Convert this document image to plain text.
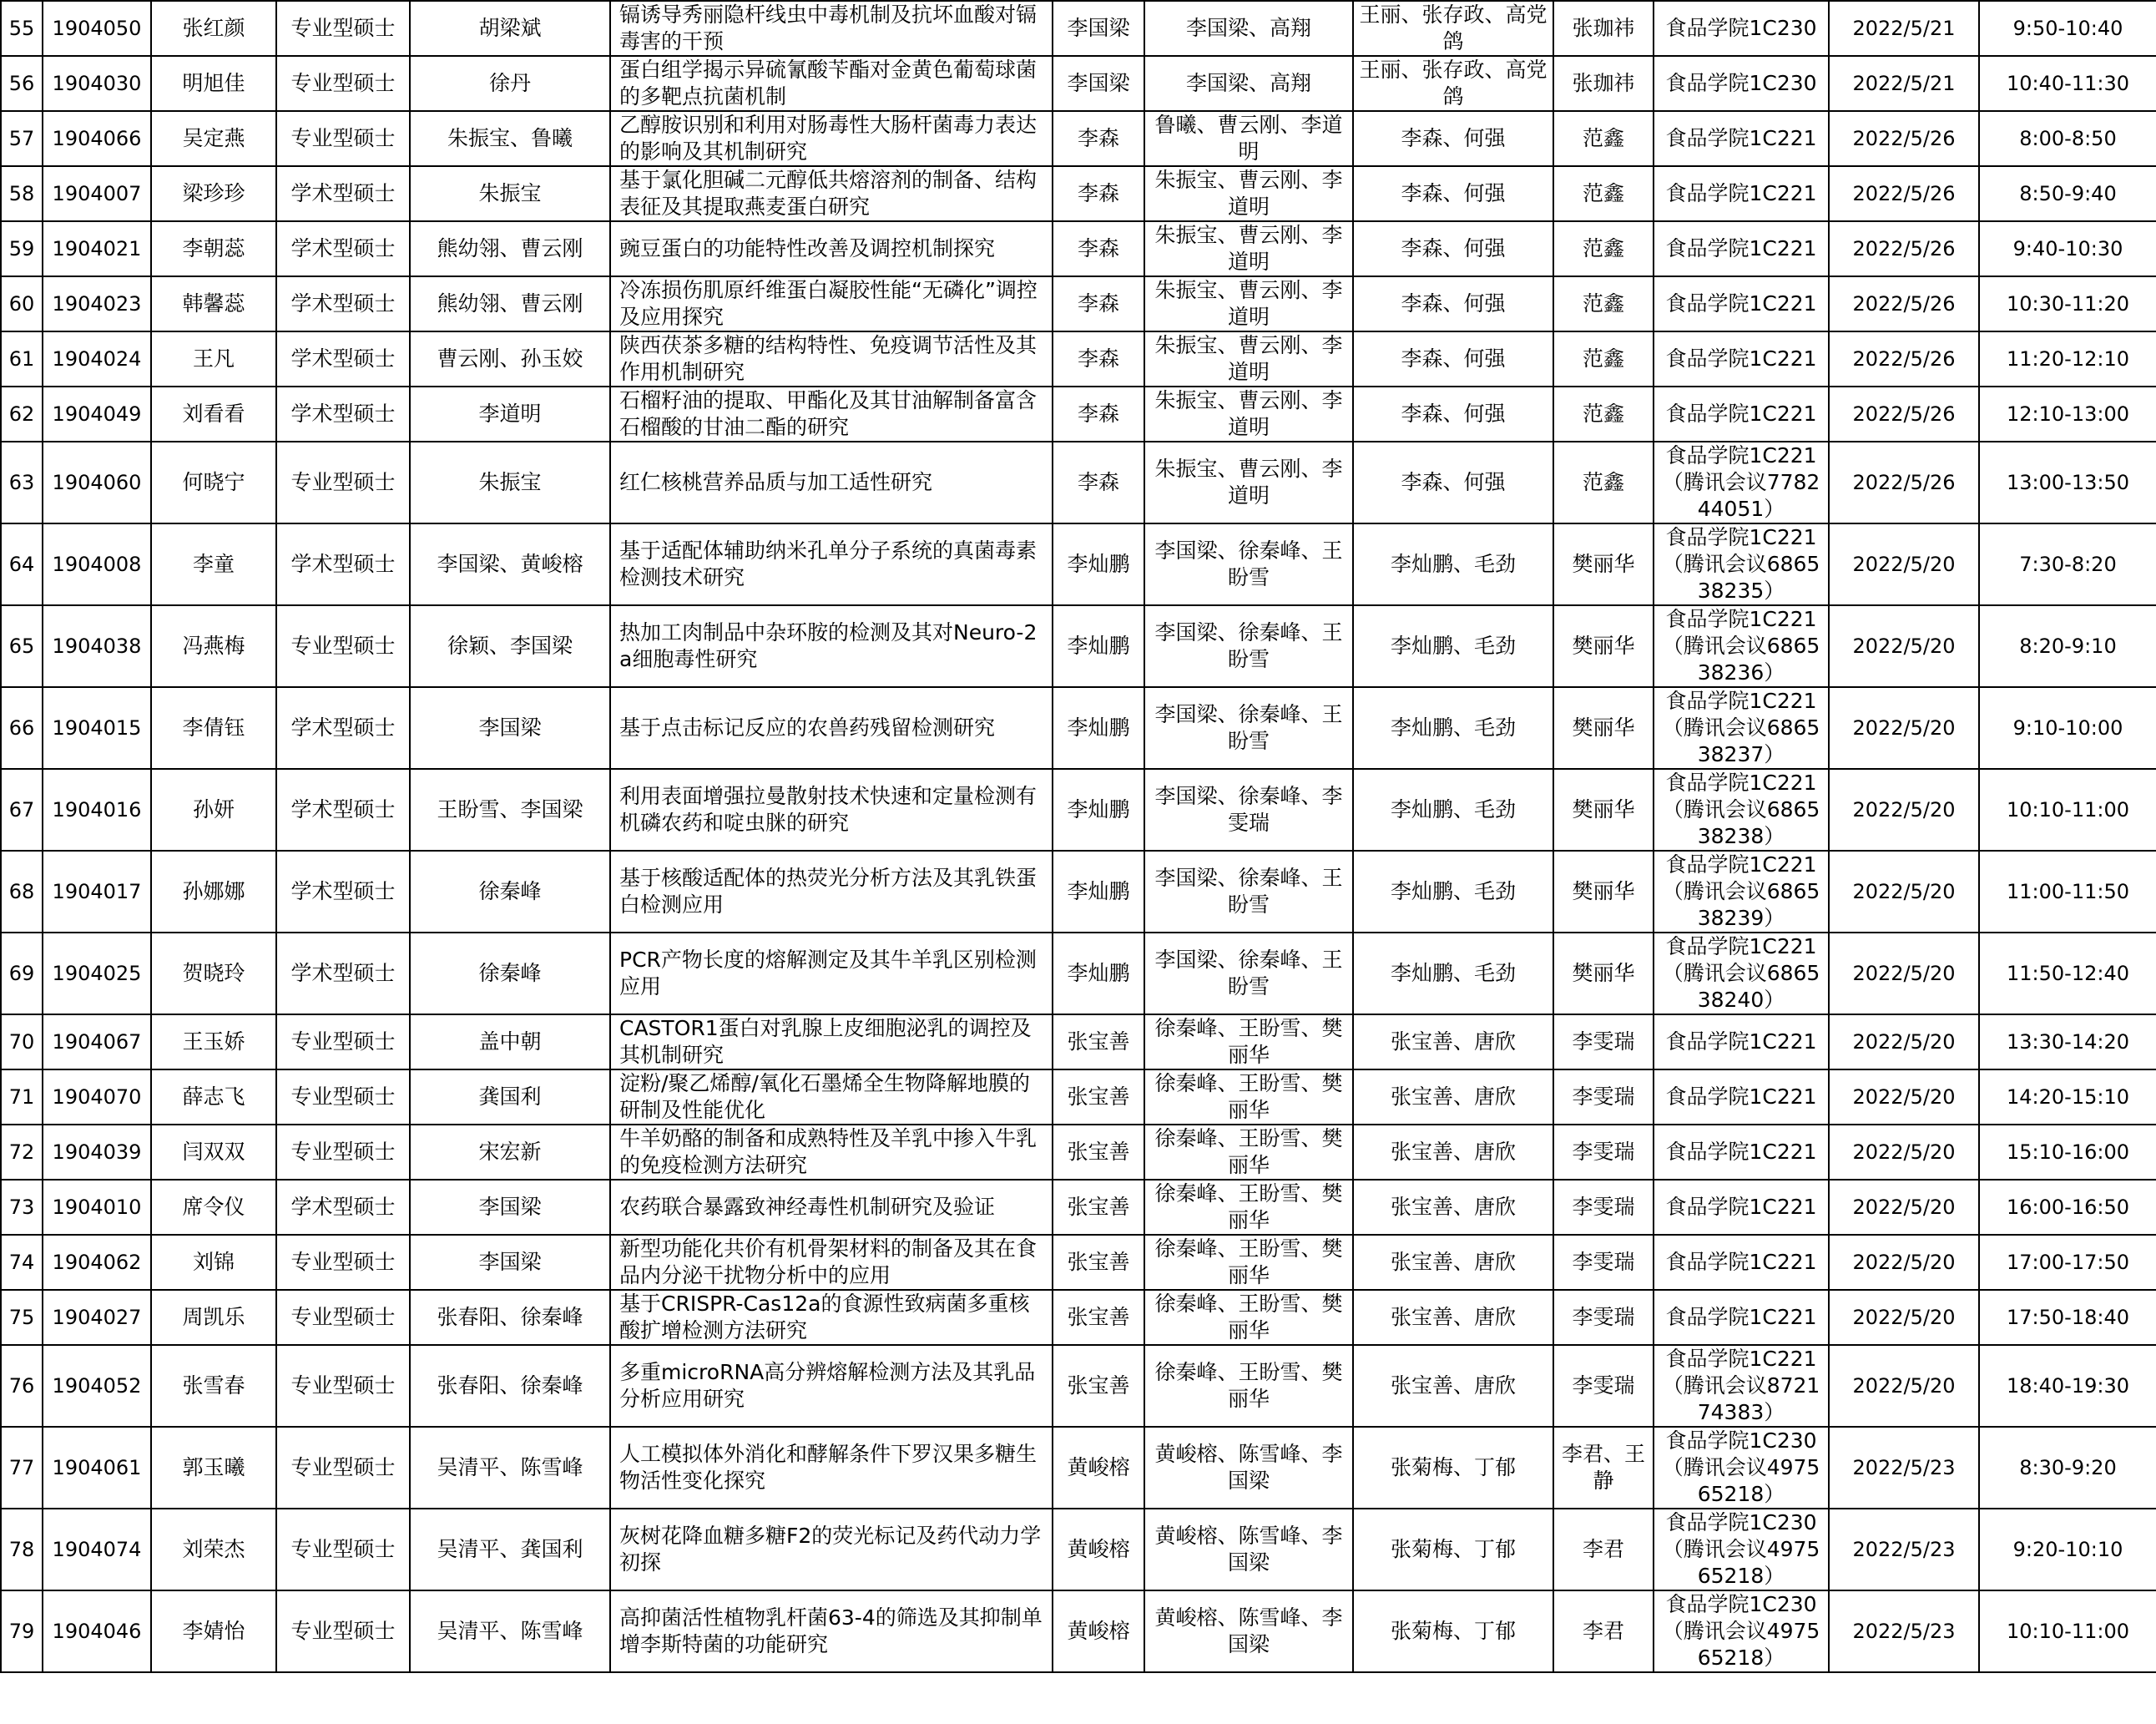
55	1904050	张红颜	专业型硕士	胡梁斌	镉诱导秀丽隐杆线虫中毒机制及抗坏血酸对镉毒害的干预	李国梁	李国梁、高翔	王丽、张存政、高党鸽	张珈祎	食品学院1C230	2022/5/21	9:50-10:40
56	1904030	明旭佳	专业型硕士	徐丹	蛋白组学揭示异硫氰酸苄酯对金黄色葡萄球菌的多靶点抗菌机制	李国梁	李国梁、高翔	王丽、张存政、高党鸽	张珈祎	食品学院1C230	2022/5/21	10:40-11:30
57	1904066	吴定燕	专业型硕士	朱振宝、鲁曦	乙醇胺识别和利用对肠毒性大肠杆菌毒力表达的影响及其机制研究	李森	鲁曦、曹云刚、李道明	李森、何强	范鑫	食品学院1C221	2022/5/26	8:00-8:50
58	1904007	梁珍珍	学术型硕士	朱振宝	基于氯化胆碱二元醇低共熔溶剂的制备、结构表征及其提取燕麦蛋白研究	李森	朱振宝、曹云刚、李道明	李森、何强	范鑫	食品学院1C221	2022/5/26	8:50-9:40
59	1904021	李朝蕊	学术型硕士	熊幼翎、曹云刚	豌豆蛋白的功能特性改善及调控机制探究	李森	朱振宝、曹云刚、李道明	李森、何强	范鑫	食品学院1C221	2022/5/26	9:40-10:30
60	1904023	韩馨蕊	学术型硕士	熊幼翎、曹云刚	冷冻损伤肌原纤维蛋白凝胶性能“无磷化”调控及应用探究	李森	朱振宝、曹云刚、李道明	李森、何强	范鑫	食品学院1C221	2022/5/26	10:30-11:20
61	1904024	王凡	学术型硕士	曹云刚、孙玉姣	陕西茯茶多糖的结构特性、免疫调节活性及其作用机制研究	李森	朱振宝、曹云刚、李道明	李森、何强	范鑫	食品学院1C221	2022/5/26	11:20-12:10
62	1904049	刘看看	学术型硕士	李道明	石榴籽油的提取、甲酯化及其甘油解制备富含石榴酸的甘油二酯的研究	李森	朱振宝、曹云刚、李道明	李森、何强	范鑫	食品学院1C221	2022/5/26	12:10-13:00
63	1904060	何晓宁	专业型硕士	朱振宝	红仁核桃营养品质与加工适性研究	李森	朱振宝、曹云刚、李道明	李森、何强	范鑫	食品学院1C221（腾讯会议778244051）	2022/5/26	13:00-13:50
64	1904008	李童	学术型硕士	李国梁、黄峻榕	基于适配体辅助纳米孔单分子系统的真菌毒素检测技术研究	李灿鹏	李国梁、徐秦峰、王盼雪	李灿鹏、毛劲	樊丽华	食品学院1C221（腾讯会议686538235）	2022/5/20	7:30-8:20
65	1904038	冯燕梅	专业型硕士	徐颖、李国梁	热加工肉制品中杂环胺的检测及其对Neuro-2a细胞毒性研究	李灿鹏	李国梁、徐秦峰、王盼雪	李灿鹏、毛劲	樊丽华	食品学院1C221（腾讯会议686538236）	2022/5/20	8:20-9:10
66	1904015	李倩钰	学术型硕士	李国梁	基于点击标记反应的农兽药残留检测研究	李灿鹏	李国梁、徐秦峰、王盼雪	李灿鹏、毛劲	樊丽华	食品学院1C221（腾讯会议686538237）	2022/5/20	9:10-10:00
67	1904016	孙妍	学术型硕士	王盼雪、李国梁	利用表面增强拉曼散射技术快速和定量检测有机磷农药和啶虫脒的研究	李灿鹏	李国梁、徐秦峰、李雯瑞	李灿鹏、毛劲	樊丽华	食品学院1C221（腾讯会议686538238）	2022/5/20	10:10-11:00
68	1904017	孙娜娜	学术型硕士	徐秦峰	基于核酸适配体的热荧光分析方法及其乳铁蛋白检测应用	李灿鹏	李国梁、徐秦峰、王盼雪	李灿鹏、毛劲	樊丽华	食品学院1C221（腾讯会议686538239）	2022/5/20	11:00-11:50
69	1904025	贺晓玲	学术型硕士	徐秦峰	PCR产物长度的熔解测定及其牛羊乳区别检测应用	李灿鹏	李国梁、徐秦峰、王盼雪	李灿鹏、毛劲	樊丽华	食品学院1C221（腾讯会议686538240）	2022/5/20	11:50-12:40
70	1904067	王玉娇	专业型硕士	盖中朝	CASTOR1蛋白对乳腺上皮细胞泌乳的调控及其机制研究	张宝善	徐秦峰、王盼雪、樊丽华	张宝善、唐欣	李雯瑞	食品学院1C221	2022/5/20	13:30-14:20
71	1904070	薛志飞	专业型硕士	龚国利	淀粉/聚乙烯醇/氧化石墨烯全生物降解地膜的研制及性能优化	张宝善	徐秦峰、王盼雪、樊丽华	张宝善、唐欣	李雯瑞	食品学院1C221	2022/5/20	14:20-15:10
72	1904039	闫双双	专业型硕士	宋宏新	牛羊奶酪的制备和成熟特性及羊乳中掺入牛乳的免疫检测方法研究	张宝善	徐秦峰、王盼雪、樊丽华	张宝善、唐欣	李雯瑞	食品学院1C221	2022/5/20	15:10-16:00
73	1904010	席令仪	学术型硕士	李国梁	农药联合暴露致神经毒性机制研究及验证	张宝善	徐秦峰、王盼雪、樊丽华	张宝善、唐欣	李雯瑞	食品学院1C221	2022/5/20	16:00-16:50
74	1904062	刘锦	专业型硕士	李国梁	新型功能化共价有机骨架材料的制备及其在食品内分泌干扰物分析中的应用	张宝善	徐秦峰、王盼雪、樊丽华	张宝善、唐欣	李雯瑞	食品学院1C221	2022/5/20	17:00-17:50
75	1904027	周凯乐	专业型硕士	张春阳、徐秦峰	基于CRISPR-Cas12a的食源性致病菌多重核酸扩增检测方法研究	张宝善	徐秦峰、王盼雪、樊丽华	张宝善、唐欣	李雯瑞	食品学院1C221	2022/5/20	17:50-18:40
76	1904052	张雪春	专业型硕士	张春阳、徐秦峰	多重microRNA高分辨熔解检测方法及其乳品分析应用研究	张宝善	徐秦峰、王盼雪、樊丽华	张宝善、唐欣	李雯瑞	食品学院1C221（腾讯会议872174383）	2022/5/20	18:40-19:30
77	1904061	郭玉曦	专业型硕士	吴清平、陈雪峰	人工模拟体外消化和酵解条件下罗汉果多糖生物活性变化探究	黄峻榕	黄峻榕、陈雪峰、李国梁	张菊梅、丁郁	李君、王静	食品学院1C230（腾讯会议497565218）	2022/5/23	8:30-9:20
78	1904074	刘荣杰	专业型硕士	吴清平、龚国利	灰树花降血糖多糖F2的荧光标记及药代动力学初探	黄峻榕	黄峻榕、陈雪峰、李国梁	张菊梅、丁郁	李君	食品学院1C230（腾讯会议497565218）	2022/5/23	9:20-10:10
79	1904046	李婧怡	专业型硕士	吴清平、陈雪峰	高抑菌活性植物乳杆菌63-4的筛选及其抑制单增李斯特菌的功能研究	黄峻榕	黄峻榕、陈雪峰、李国梁	张菊梅、丁郁	李君	食品学院1C230（腾讯会议497565218）	2022/5/23	10:10-11:00
